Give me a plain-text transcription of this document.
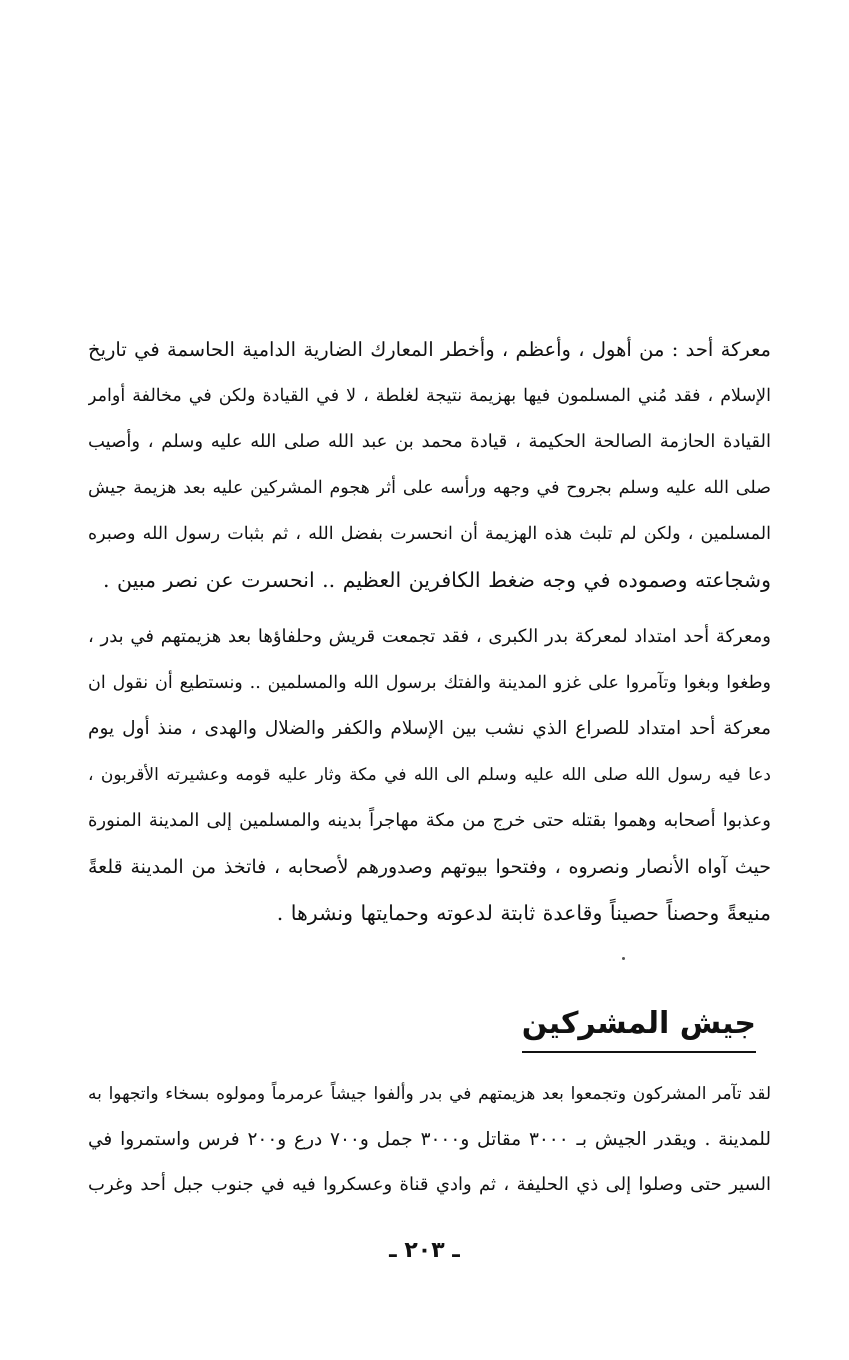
معركة أحد : من أهول ، وأعظم ، وأخطر المعارك الضارية الدامية الحاسمة في تاريخ
الإسلام ، فقد مُني المسلمون فيها بهزيمة نتيجة لغلطة ، لا في القيادة ولكن في مخالفة أوامر
القيادة الحازمة الصالحة الحكيمة ، قيادة محمد بن عبد الله صلى الله عليه وسلم ، وأصيب
صلى الله عليه وسلم بجروح في وجهه ورأسه على أثر هجوم المشركين عليه بعد هزيمة جيش
المسلمين ، ولكن لم تلبث هذه الهزيمة أن انحسرت بفضل الله ، ثم بثبات رسول الله وصبره
وشجاعته وصموده في وجه ضغط الكافرين العظيم .. انحسرت عن نصر مبين .
ومعركة أحد امتداد لمعركة بدر الكبرى ، فقد تجمعت قريش وحلفاؤها بعد هزيمتهم في بدر ،
وطغوا وبغوا وتآمروا على غزو المدينة والفتك برسول الله والمسلمين .. ونستطيع أن نقول ان
معركة أحد امتداد للصراع الذي نشب بين الإسلام والكفر والضلال والهدى ، منذ أول يوم
دعا فيه رسول الله صلى الله عليه وسلم الى الله في مكة وثار عليه قومه وعشيرته الأقربون ،
وعذبوا أصحابه وهموا بقتله حتى خرج من مكة مهاجراً بدينه والمسلمين إلى المدينة المنورة
حيث آواه الأنصار ونصروه ، وفتحوا بيوتهم وصدورهم لأصحابه ، فاتخذ من المدينة قلعةً
منيعةً وحصناً حصيناً وقاعدة ثابتة لدعوته وحمايتها ونشرها .
جيش المشركين
لقد تآمر المشركون وتجمعوا بعد هزيمتهم في بدر وألفوا جيشاً عرمرماً ومولوه بسخاء واتجهوا به
للمدينة . ويقدر الجيش بـ ٣٠٠٠ مقاتل و٣٠٠٠ جمل و٧٠٠ درع و٢٠٠ فرس واستمروا في
السير حتى وصلوا إلى ذي الحليفة ، ثم وادي قناة وعسكروا فيه في جنوب جبل أحد وغرب
ـ ٢٠٣ ـ
